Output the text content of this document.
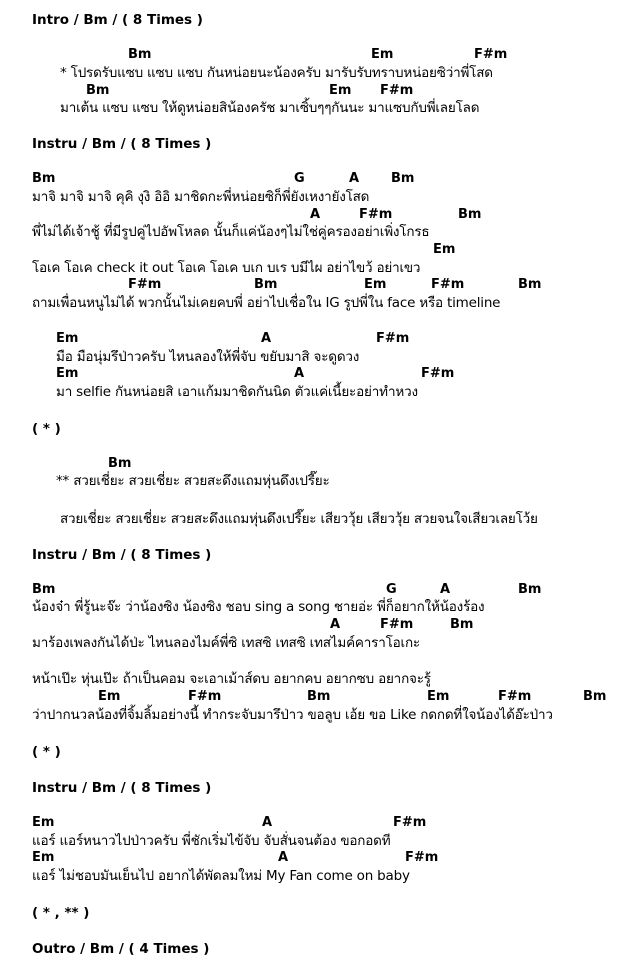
Intro / Bm / ( 8 Times )
Bm	Em	F#m
* โปรดรับแซบ แซบ แซบ กันหน่อยนะน้องครับ มารับรับทราบหน่อยซิว่าพี่โสด
Bm	Em F#m
มาเต้น แซบ แซบ ให้ดูหน่อยสิน้องครัช มาเซิ้บๆๆกันนะ มาแซบกับพี่เลยโลด
Instru / Bm / ( 8 Times )
Bm	G	A Bm
มาจิ มาจิ มาจิ คุคิ งุงิ อิอิ มาชิดกะพี่หน่อยซิก็พี่ยังเหงายังโสด
A	F#m	Bm
พี่ไม่ได้เจ้าชู้ ที่มีรูปคู่ไปอัพโหลด นั้นก็แค่น้องๆไม่ใช่คู่ครองอย่าเพิ่งโกรธ
Em
โอเค โอเค check it out โอเค โอเค บเก บเร บมีไผ อย่าไขว้ อย่าเขว
F#m	Bm	Em	F#m	Bm
ถามเพื่อนหนูไม่ได้ พวกนั้นไม่เคยคบพี่ อย่าไปเชื่อใน IG รูปพี่ใน face หรือ timeline
Em	A	F#m
มือ มือนุ่มรึป่าวครับ ไหนลองให้พี่จับ ขยับมาสิ จะดูดวง
Em	A	F#m
มา selfie กันหน่อยสิ เอาแก้มมาชิดกันนิด ตัวแค่เนี้ยะอย่าทำหวง
( * )
Bm
** สวยเชี่ยะ สวยเชี่ยะ สวยสะดึงแถมหุ่นดึงเปรี๊ยะ
สวยเชี่ยะ สวยเชี่ยะ สวยสะดึงแถมหุ่นดึงเปรี๊ยะ เสียววุ้ย เสียววุ้ย สวยจนใจเสียวเลยโว้ย
Instru / Bm / ( 8 Times )
Bm	G	A	Bm
น้องจ๋า พี่รู้นะจ๊ะ ว่าน้องซิง น้องซิง ชอบ sing a song ชายอ่ะ พี่ก็อยากให้น้องร้อง
A	F#m	Bm
มาร้องเพลงกันได้ป่ะ ไหนลองไมค์พี่ซิ เทสซิ เทสซิ เทสไมค์คาราโอเกะ
หน้าเป๊ะ หุ่นเป๊ะ ถ้าเป็นคอม จะเอาเม้าส์ดบ อยากคบ อยากซบ อยากจะรู้
Em	F#m	Bm	Em	F#m	Bm
ว่าปากนวลน้องที่จิ้มลิ้มอย่างนี้ ทำกระจับมารึป่าว ขอลูบ เอ้ย ขอ Like กดกดที่ใจน้องได้อ๊ะป่าว
( * )
Instru / Bm / ( 8 Times )
Em	A	F#m
แอร์ แอร์หนาวไปป่าวครับ พี่ชักเริ่มไข้จับ จับสั่นจนต้อง ขอกอดที
Em	A	F#m
แอร์ ไม่ชอบมันเย็นไป อยากได้พัดลมใหม่ My Fan come on baby
( * , ** )
Outro / Bm / ( 4 Times )
